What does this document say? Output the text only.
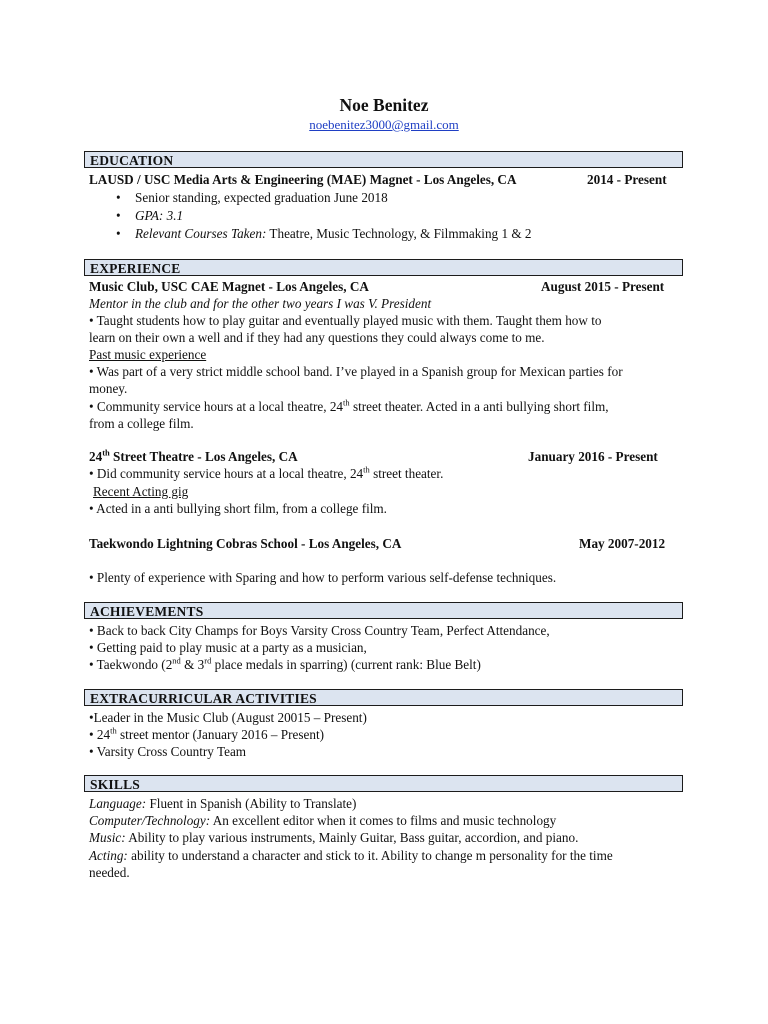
Noe Benitez
noebenitez3000@gmail.com
EDUCATION
LAUSD / USC Media Arts & Engineering (MAE) Magnet - Los Angeles, CA	2014 - Present
• Senior standing, expected graduation June 2018
• GPA: 3.1
• Relevant Courses Taken: Theatre, Music Technology, & Filmmaking 1 & 2
EXPERIENCE
Music Club, USC CAE Magnet - Los Angeles, CA	August 2015 - Present
Mentor in the club and for the other two years I was V. President
• Taught students how to play guitar and eventually played music with them. Taught them how to
learn on their own a well and if they had any questions they could always come to me.
Past music experience
• Was part of a very strict middle school band. I’ve played in a Spanish group for Mexican parties for
money.
• Community service hours at a local theatre, 24th street theater. Acted in a anti bullying short film,
from a college film.
24th Street Theatre - Los Angeles, CA	January 2016 - Present
• Did community service hours at a local theatre, 24th street theater.
Recent Acting gig
• Acted in a anti bullying short film, from a college film.
Taekwondo Lightning Cobras School - Los Angeles, CA	May 2007-2012
• Plenty of experience with Sparing and how to perform various self-defense techniques.
ACHIEVEMENTS
• Back to back City Champs for Boys Varsity Cross Country Team, Perfect Attendance,
• Getting paid to play music at a party as a musician,
• Taekwondo (2nd & 3rd place medals in sparring) (current rank: Blue Belt)
EXTRACURRICULAR ACTIVITIES
•Leader in the Music Club (August 20015 – Present)
• 24th street mentor (January 2016 – Present)
• Varsity Cross Country Team
SKILLS
Language: Fluent in Spanish (Ability to Translate)
Computer/Technology: An excellent editor when it comes to films and music technology
Music: Ability to play various instruments, Mainly Guitar, Bass guitar, accordion, and piano.
Acting: ability to understand a character and stick to it. Ability to change m personality for the time
needed.
